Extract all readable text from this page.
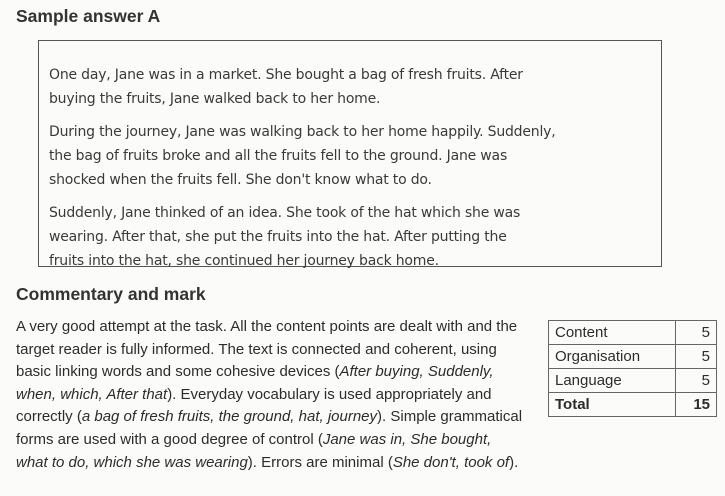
Sample answer A

One day, Jane was in a market. She bought a bag of fresh fruits. After
buying the fruits, Jane walked back to her home.

During the journey, Jane was walking back to her home happily. Suddenly,
the bag of fruits broke and all the fruits fell to the ground. Jane was
shocked when the fruits fell. She don't know what to do.

Suddenly, Jane thinked of an idea. She took of the hat which she was
wearing. After that, she put the fruits into the hat. After putting the
fruits into the hat, she continued her journey back home.

Commentary and mark

A very good attempt at the task. All the content points are dealt with and the target reader is fully informed. The text is connected and coherent, using basic linking words and some cohesive devices (After buying, Suddenly, when, which, After that). Everyday vocabulary is used appropriately and correctly (a bag of fresh fruits, the ground, hat, journey). Simple grammatical forms are used with a good degree of control (Jane was in, She bought, what to do, which she was wearing). Errors are minimal (She don't, took of).

Content	5
Organisation	5
Language	5
Total	15
